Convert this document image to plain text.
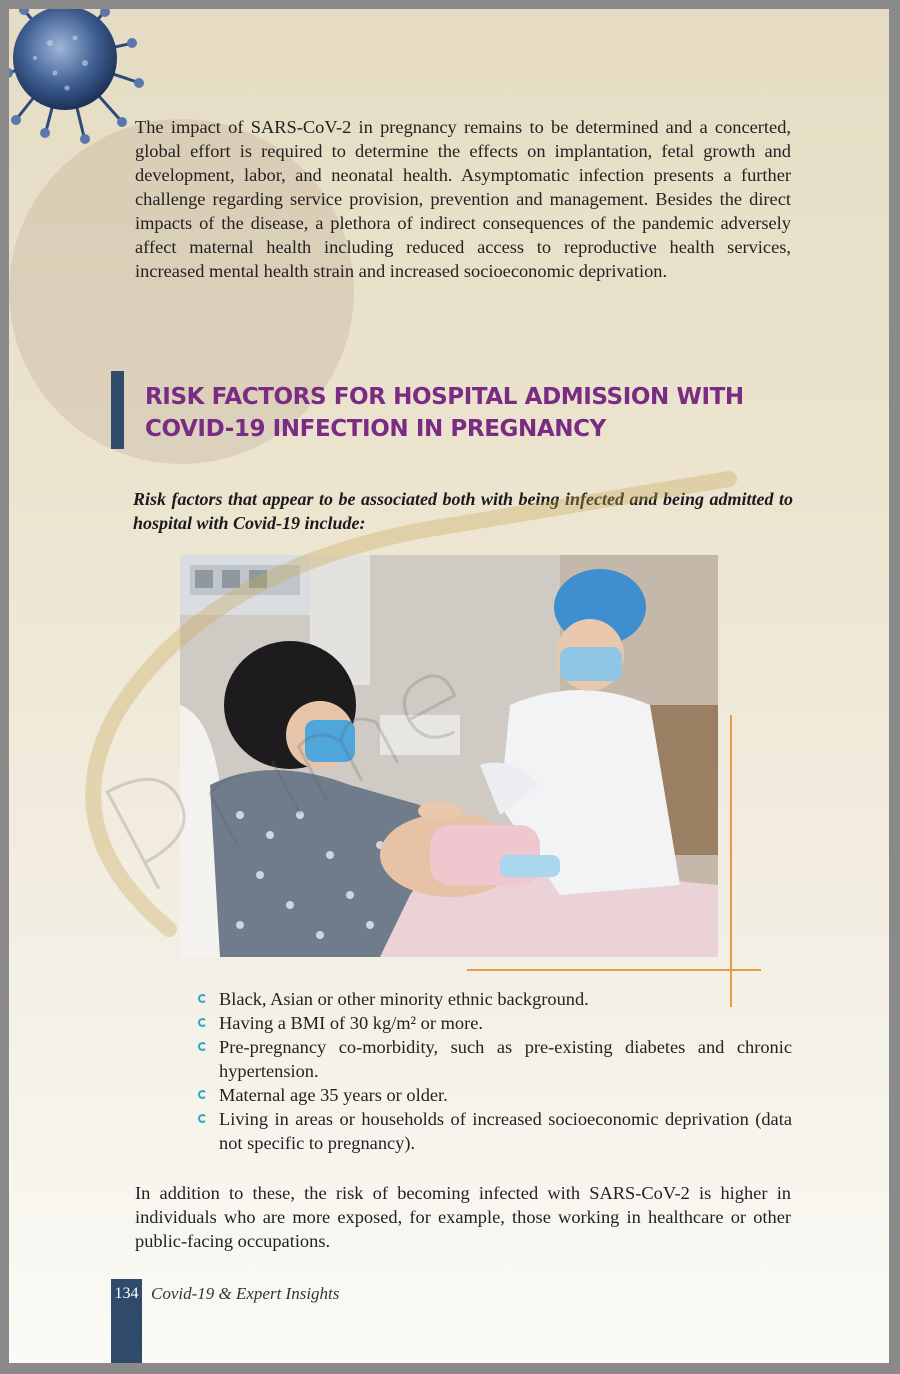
The impact of SARS-CoV-2 in pregnancy remains to be determined and a concerted, global effort is required to determine the effects on implantation, fetal growth and development, labor, and neonatal health. Asymptomatic infection presents a further challenge regarding service provision, prevention and management. Besides the direct impacts of the disease, a plethora of indirect consequences of the pandemic adversely affect maternal health including reduced access to reproductive health services, increased mental health strain and increased socioeconomic deprivation.

RISK FACTORS FOR HOSPITAL ADMISSION WITH
COVID-19 INFECTION IN PREGNANCY

Risk factors that appear to be associated both with being infected and being admitted to hospital with Covid-19 include:

Black, Asian or other minority ethnic background.
Having a BMI of 30 kg/m² or more.
Pre-pregnancy co-morbidity, such as pre-existing diabetes and chronic hypertension.
Maternal age 35 years or older.
Living in areas or households of increased socioeconomic deprivation (data not specific to pregnancy).

In addition to these, the risk of becoming infected with SARS-CoV-2 is higher in individuals who are more exposed, for example, those working in healthcare or other public-facing occupations.

134 Covid-19 & Expert Insights
